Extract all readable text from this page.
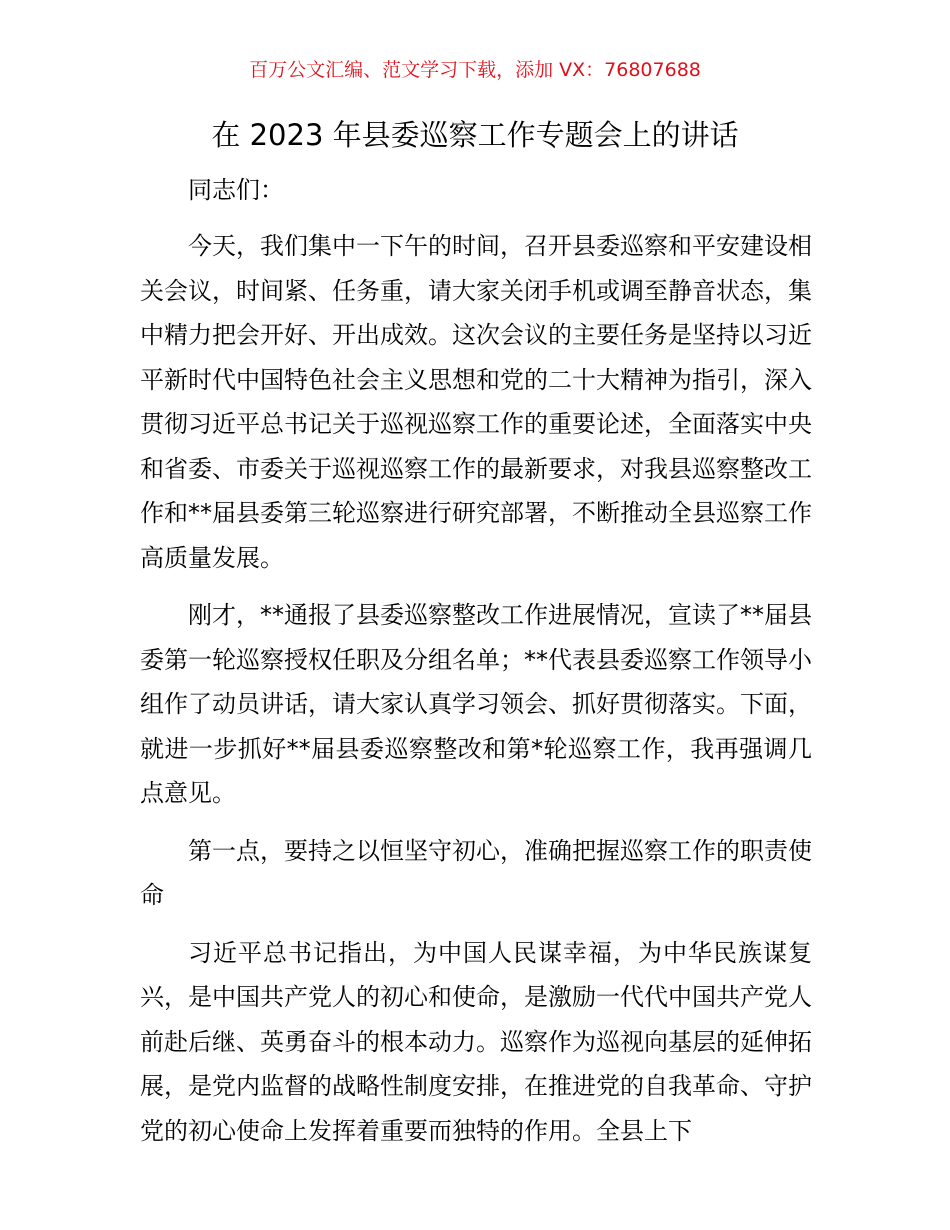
百万公文汇编、范文学习下载，添加 VX：76807688
在 2023 年县委巡察工作专题会上的讲话
同志们：

今天，我们集中一下午的时间，召开县委巡察和平安建设相关会议，时间紧、任务重，请大家关闭手机或调至静音状态，集中精力把会开好、开出成效。这次会议的主要任务是坚持以习近平新时代中国特色社会主义思想和党的二十大精神为指引，深入贯彻习近平总书记关于巡视巡察工作的重要论述，全面落实中央和省委、市委关于巡视巡察工作的最新要求，对我县巡察整改工作和**届县委第三轮巡察进行研究部署，不断推动全县巡察工作高质量发展。

刚才，**通报了县委巡察整改工作进展情况，宣读了**届县委第一轮巡察授权任职及分组名单；**代表县委巡察工作领导小组作了动员讲话，请大家认真学习领会、抓好贯彻落实。下面，就进一步抓好**届县委巡察整改和第*轮巡察工作，我再强调几点意见。

第一点，要持之以恒坚守初心，准确把握巡察工作的职责使命

习近平总书记指出，为中国人民谋幸福，为中华民族谋复兴，是中国共产党人的初心和使命，是激励一代代中国共产党人前赴后继、英勇奋斗的根本动力。巡察作为巡视向基层的延伸拓展，是党内监督的战略性制度安排，在推进党的自我革命、守护党的初心使命上发挥着重要而独特的作用。全县上下
